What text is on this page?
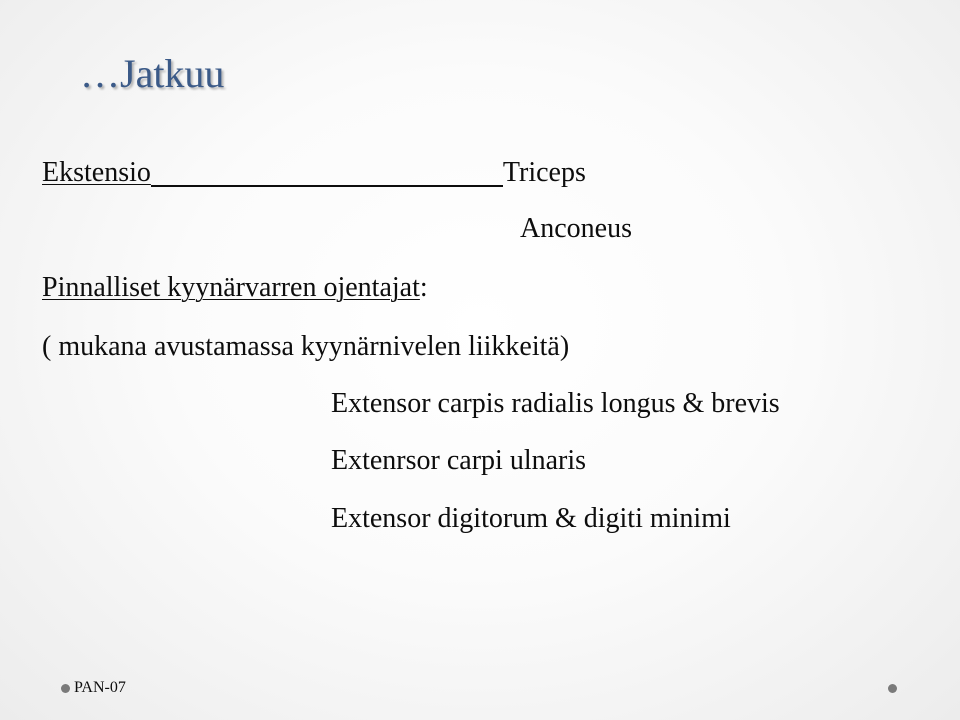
…Jatkuu
Ekstensio	Triceps
Anconeus
Pinnalliset kyynärvarren ojentajat:
( mukana avustamassa kyynärnivelen liikkeitä)
Extensor carpis radialis longus & brevis
Extenrsor carpi ulnaris
Extensor digitorum & digiti minimi
PAN-07
